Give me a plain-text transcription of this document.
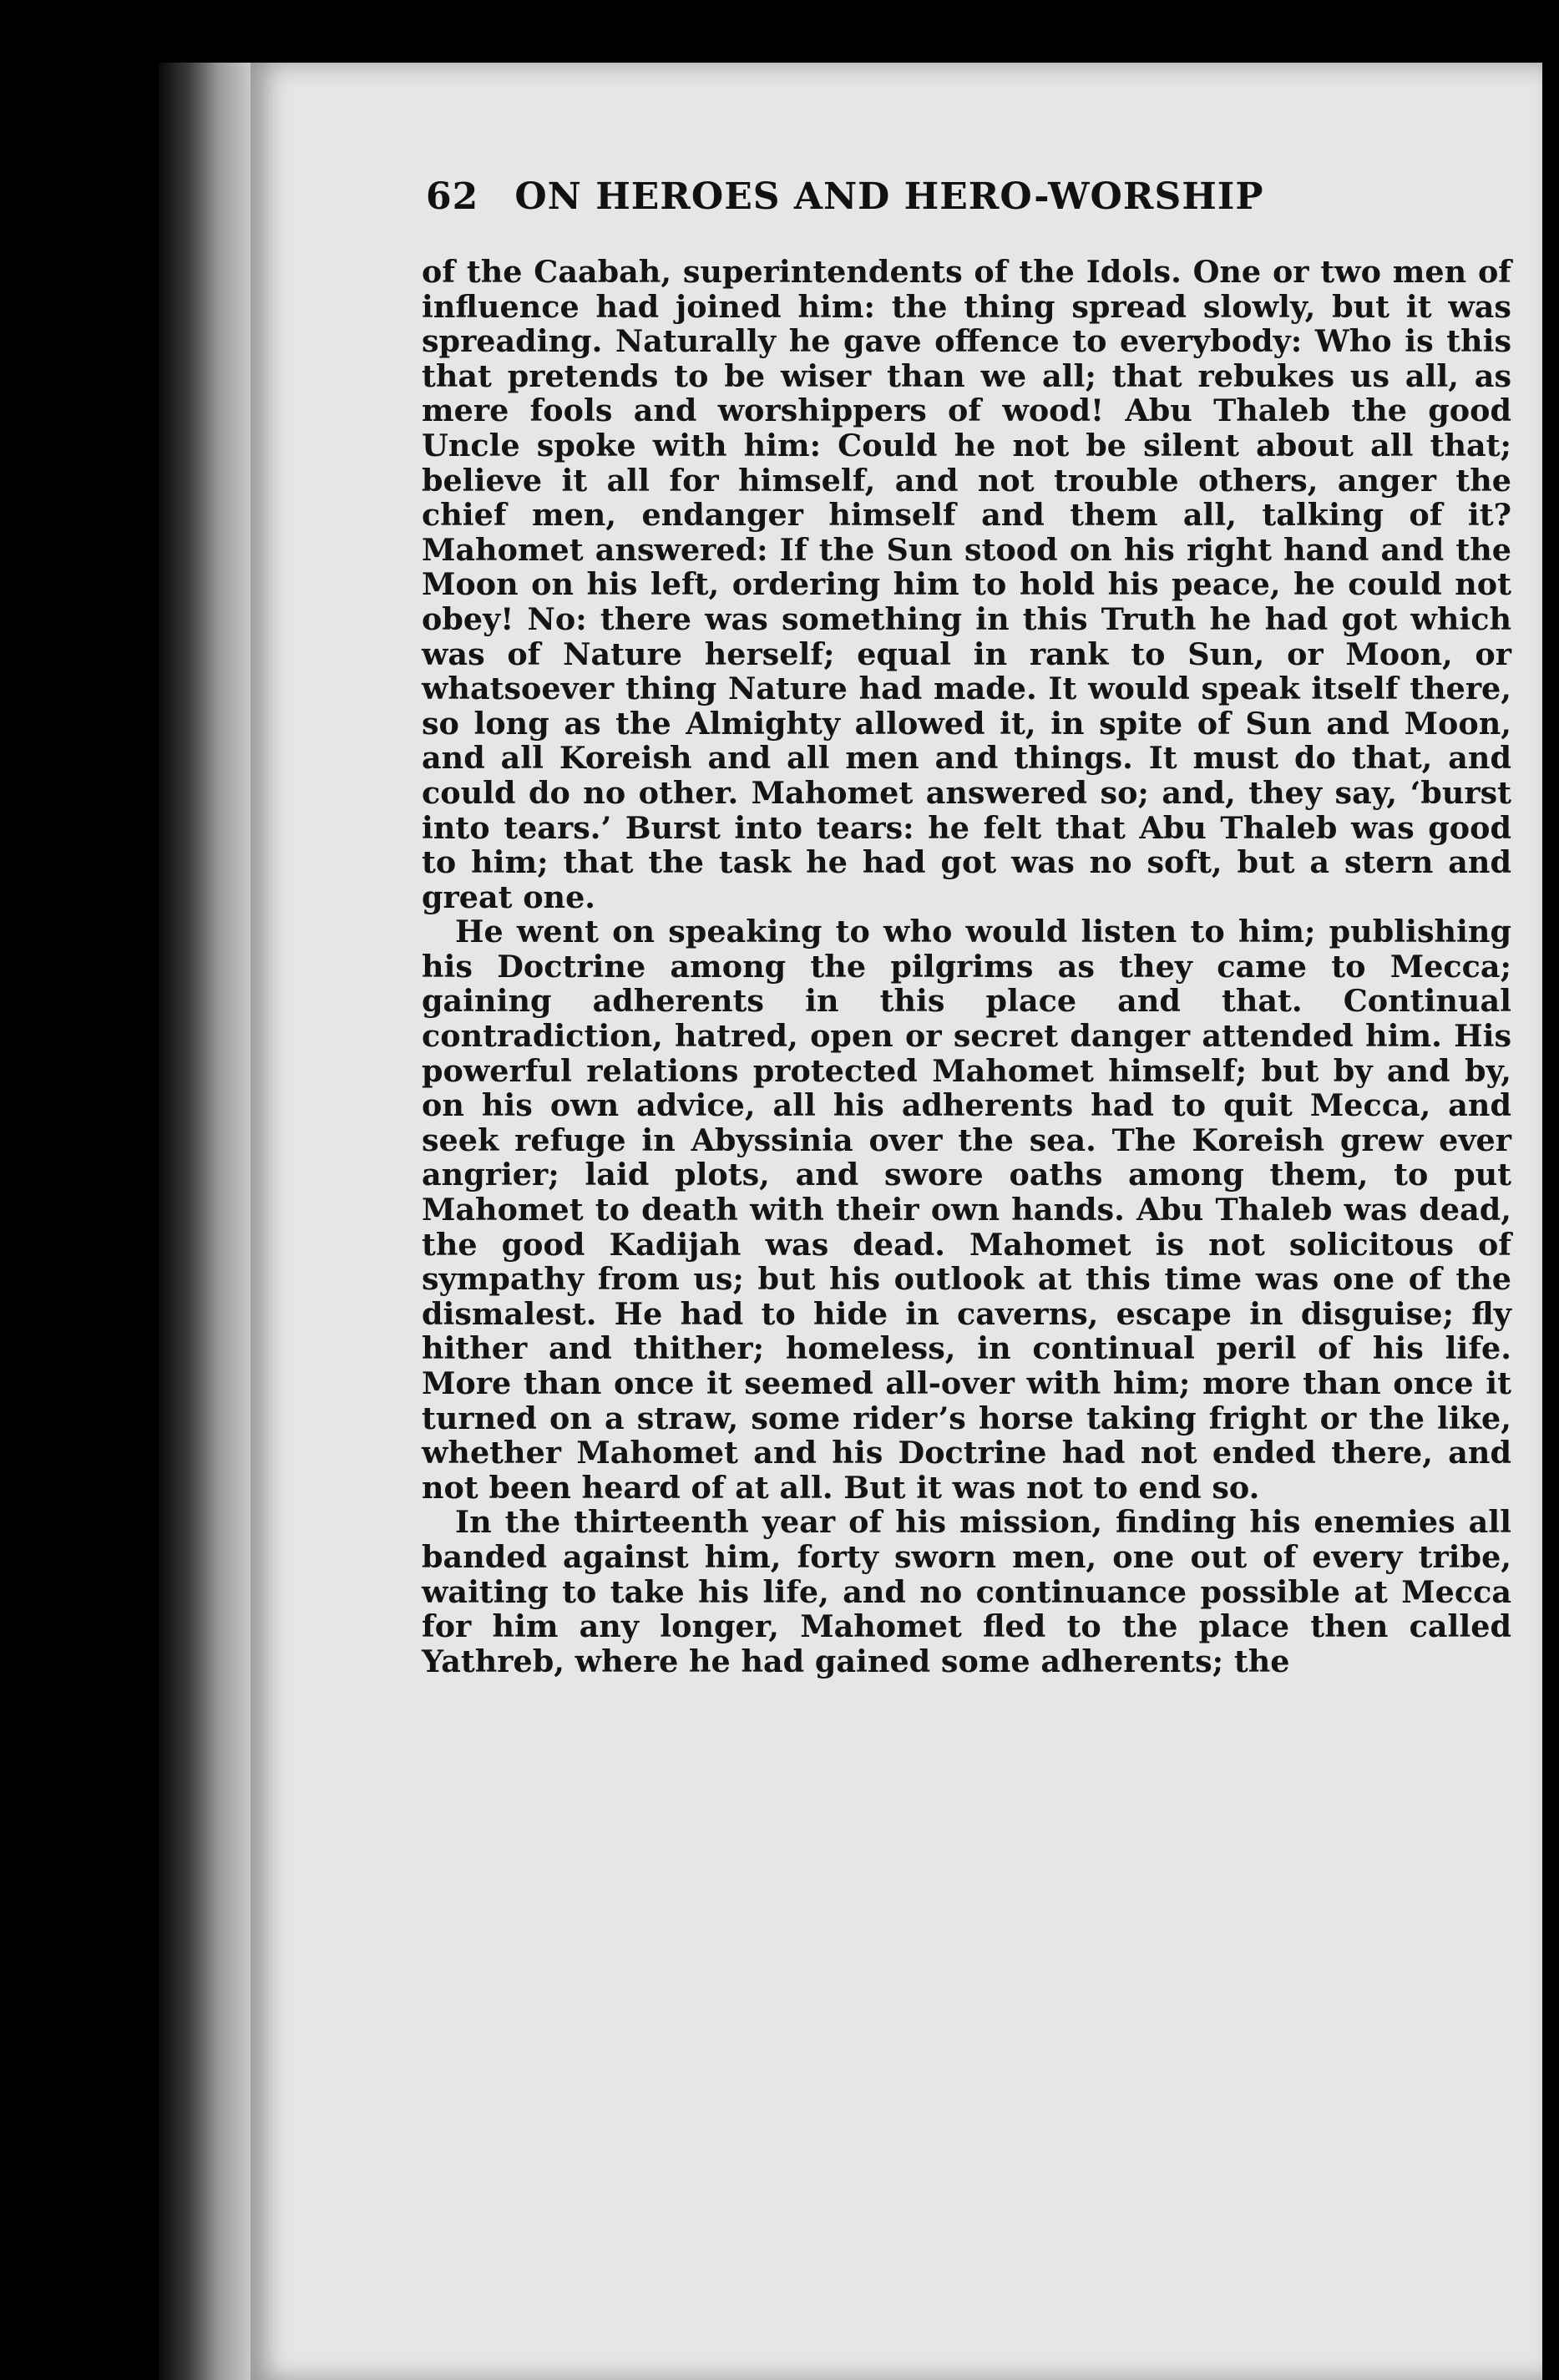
62 ON HEROES AND HERO-WORSHIP

of the Caabah, superintendents of the Idols. One or two men of influence had joined him: the thing spread slowly, but it was spreading. Naturally he gave offence to everybody: Who is this that pretends to be wiser than we all; that rebukes us all, as mere fools and worshippers of wood! Abu Thaleb the good Uncle spoke with him: Could he not be silent about all that; believe it all for himself, and not trouble others, anger the chief men, endanger himself and them all, talking of it? Mahomet answered: If the Sun stood on his right hand and the Moon on his left, ordering him to hold his peace, he could not obey! No: there was something in this Truth he had got which was of Nature herself; equal in rank to Sun, or Moon, or whatsoever thing Nature had made. It would speak itself there, so long as the Almighty allowed it, in spite of Sun and Moon, and all Koreish and all men and things. It must do that, and could do no other. Mahomet answered so; and, they say, ‘burst into tears.’ Burst into tears: he felt that Abu Thaleb was good to him; that the task he had got was no soft, but a stern and great one.

He went on speaking to who would listen to him; publishing his Doctrine among the pilgrims as they came to Mecca; gaining adherents in this place and that. Continual contradiction, hatred, open or secret danger attended him. His powerful relations protected Mahomet himself; but by and by, on his own advice, all his adherents had to quit Mecca, and seek refuge in Abyssinia over the sea. The Koreish grew ever angrier; laid plots, and swore oaths among them, to put Mahomet to death with their own hands. Abu Thaleb was dead, the good Kadijah was dead. Mahomet is not solicitous of sympathy from us; but his outlook at this time was one of the dismalest. He had to hide in caverns, escape in disguise; fly hither and thither; homeless, in continual peril of his life. More than once it seemed all-over with him; more than once it turned on a straw, some rider’s horse taking fright or the like, whether Mahomet and his Doctrine had not ended there, and not been heard of at all. But it was not to end so.

In the thirteenth year of his mission, finding his enemies all banded against him, forty sworn men, one out of every tribe, waiting to take his life, and no continuance possible at Mecca for him any longer, Mahomet fled to the place then called Yathreb, where he had gained some adherents; the
